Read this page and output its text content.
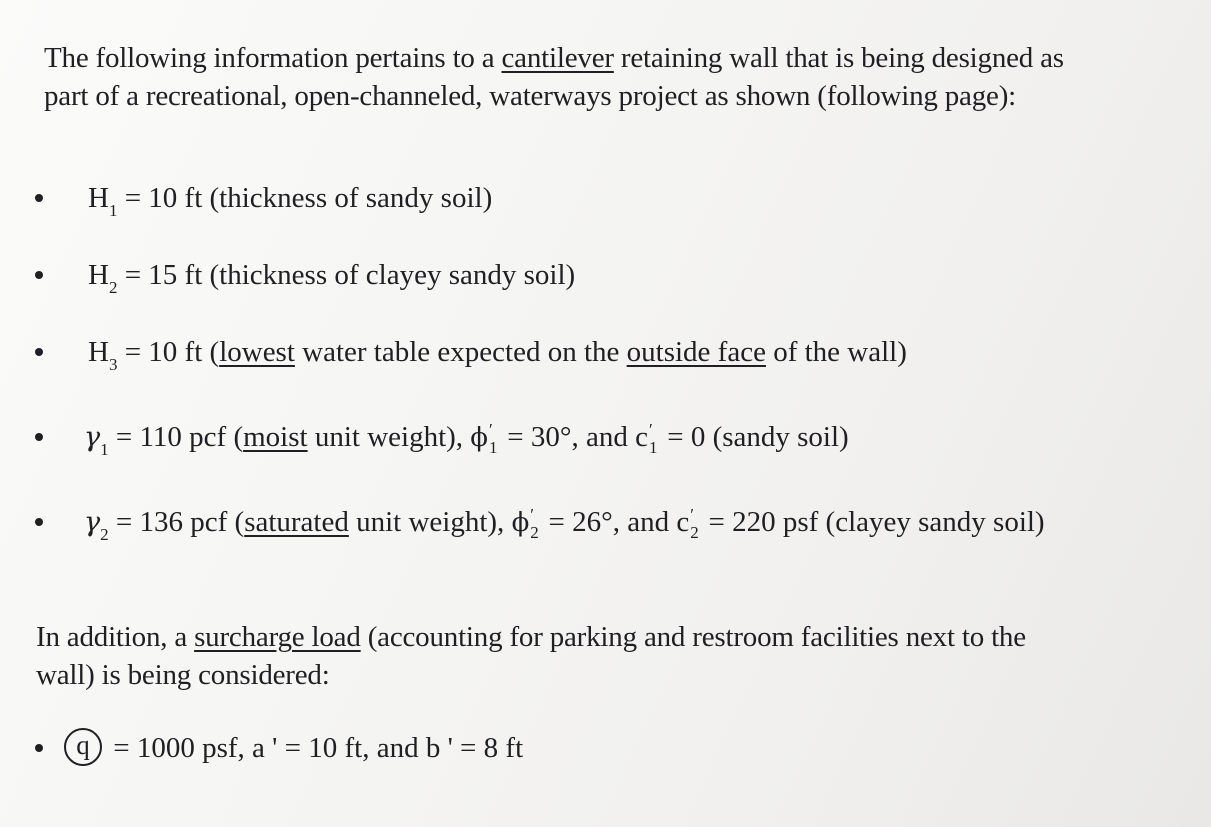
The following information pertains to a cantilever retaining wall that is being designed as
part of a recreational, open-channeled, waterways project as shown (following page):
$H_1 = 10$ ft (thickness of sandy soil)
$H_2 = 15$ ft (thickness of clayey sandy soil)
$H_3 = 10$ ft (lowest water table expected on the outside face of the wall)
$\gamma_1 = 110$ pcf (moist unit weight), ϕ ′
1 = 30°, and c ′
1 = 0 (sandy soil)
$\gamma_2 = 136$ pcf (saturated unit weight), ϕ ′
2 = 26°, and c ′
2 = 220 psf (clayey sandy soil)
In addition, a surcharge load (accounting for parking and restroom facilities next to the
wall) is being considered:
q = 1000 psf, a ' = 10 ft, and b ' = 8 ft
